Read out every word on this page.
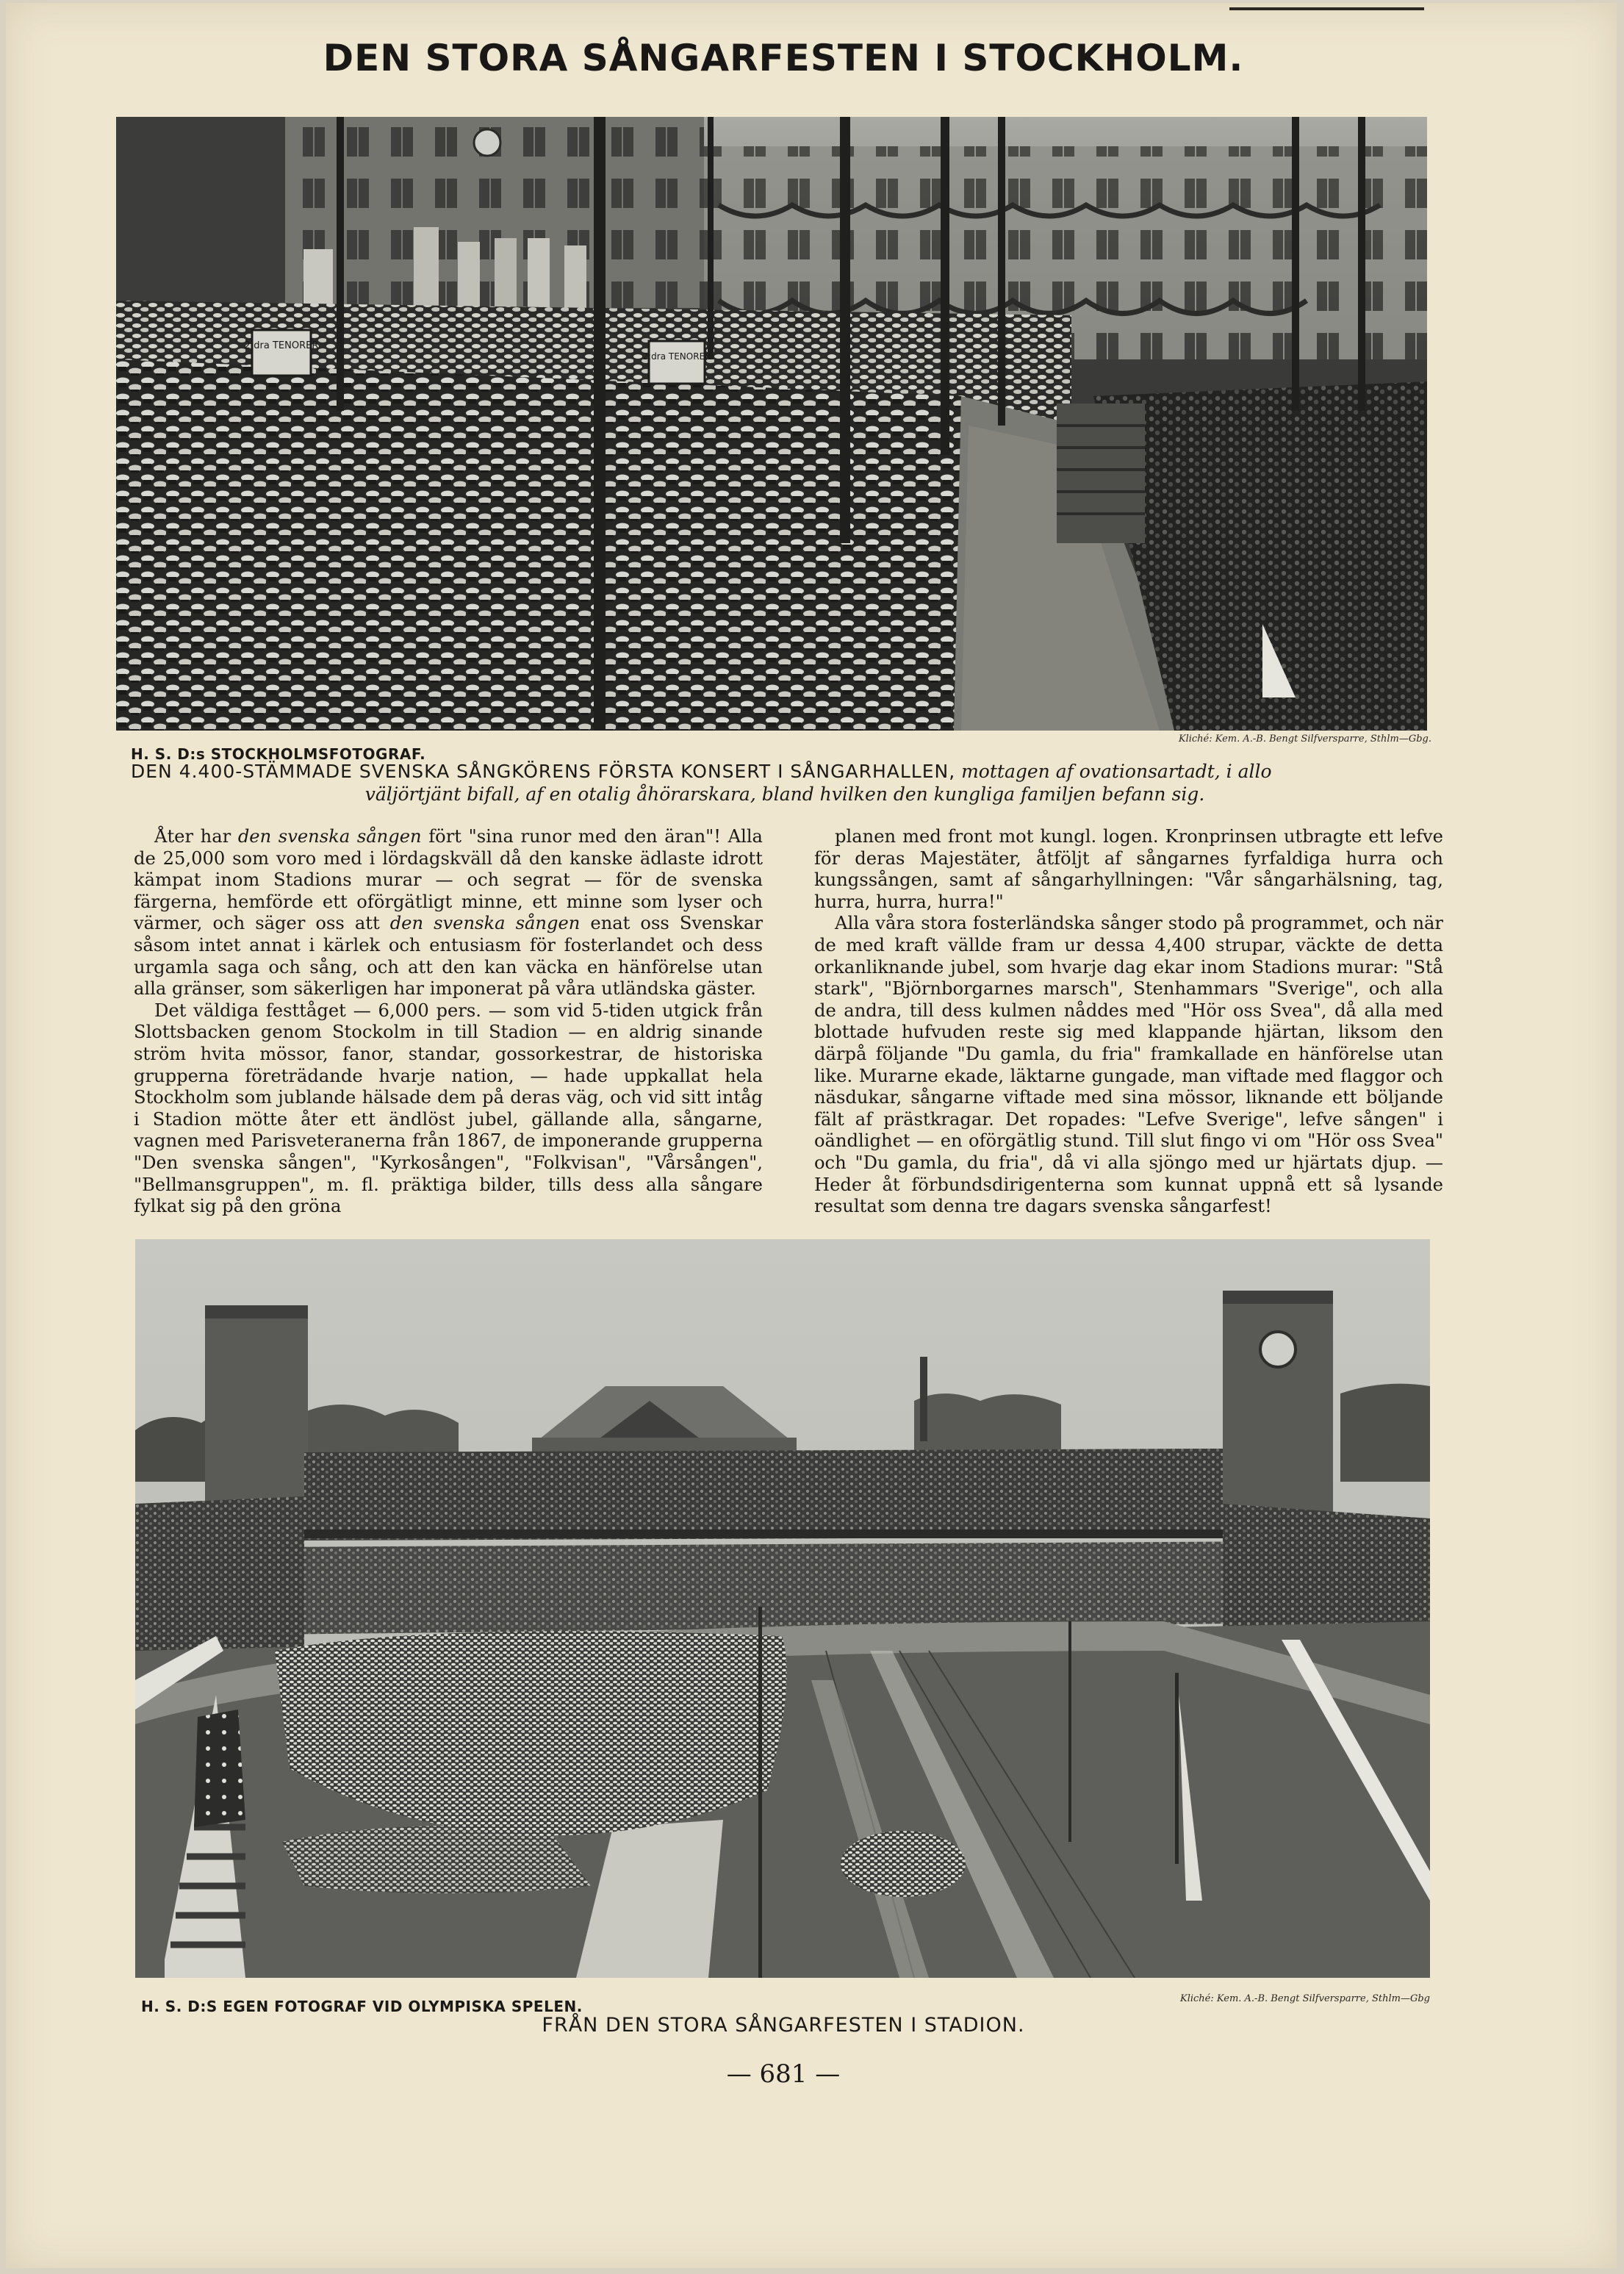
DEN STORA SÅNGARFESTEN I STOCKHOLM.
2:dra TENORER
2:dra TENORER
Kliché: Kem. A.-B. Bengt Silfversparre, Sthlm—Gbg.
H. S. D:s STOCKHOLMSFOTOGRAF.
DEN 4.400-STÄMMADE SVENSKA SÅNGKÖRENS FÖRSTA KONSERT I SÅNGARHALLEN, mottagen af ovationsartadt, i allo
väljörtjänt bifall, af en otalig åhörarskara, bland hvilken den kungliga familjen befann sig.

Åter har den svenska sången fört "sina runor med den äran"! Alla de 25,000 som voro med i lördagskväll då den kanske ädlaste idrott kämpat inom Stadions murar — och segrat — för de svenska färgerna, hemförde ett oförgätligt minne, ett minne som lyser och värmer, och säger oss att den svenska sången enat oss Svenskar såsom intet annat i kärlek och entusiasm för fosterlandet och dess urgamla saga och sång, och att den kan väcka en hänförelse utan alla gränser, som säkerligen har imponerat på våra utländska gäster.

Det väldiga festtåget — 6,000 pers. — som vid 5-tiden utgick från Slottsbacken genom Stockolm in till Stadion — en aldrig sinande ström hvita mössor, fanor, standar, gossorkestrar, de historiska grupperna företrädande hvarje nation, — hade uppkallat hela Stockholm som jublande hälsade dem på deras väg, och vid sitt intåg i Stadion mötte åter ett ändlöst jubel, gällande alla, sångarne, vagnen med Parisveteranerna från 1867, de imponerande grupperna "Den svenska sången", "Kyrkosången", "Folkvisan", "Vårsången", "Bellmansgruppen", m. fl. präktiga bilder, tills dess alla sångare fylkat sig på den gröna

planen med front mot kungl. logen. Kronprinsen utbragte ett lefve för deras Majestäter, åtföljt af sångarnes fyrfaldiga hurra och kungssången, samt af sångarhyllningen: "Vår sångarhälsning, tag, hurra, hurra, hurra!"

Alla våra stora fosterländska sånger stodo på programmet, och när de med kraft vällde fram ur dessa 4,400 strupar, väckte de detta orkanliknande jubel, som hvarje dag ekar inom Stadions murar: "Stå stark", "Björnborgarnes marsch", Stenhammars "Sverige", och alla de andra, till dess kulmen nåddes med "Hör oss Svea", då alla med blottade hufvuden reste sig med klappande hjärtan, liksom den därpå följande "Du gamla, du fria" framkallade en hänförelse utan like. Murarne ekade, läktarne gungade, man viftade med flaggor och näsdukar, sångarne viftade med sina mössor, liknande ett böljande fält af prästkragar. Det ropades: "Lefve Sverige", lefve sången" i oändlighet — en oförgätlig stund. Till slut fingo vi om "Hör oss Svea" och "Du gamla, du fria", då vi alla sjöngo med ur hjärtats djup. — Heder åt förbundsdirigenterna som kunnat uppnå ett så lysande resultat som denna tre dagars svenska sångarfest!

Kliché: Kem. A.-B. Bengt Silfversparre, Sthlm—Gbg
H. S. D:S EGEN FOTOGRAF VID OLYMPISKA SPELEN.
FRÅN DEN STORA SÅNGARFESTEN I STADION.
— 681 —
